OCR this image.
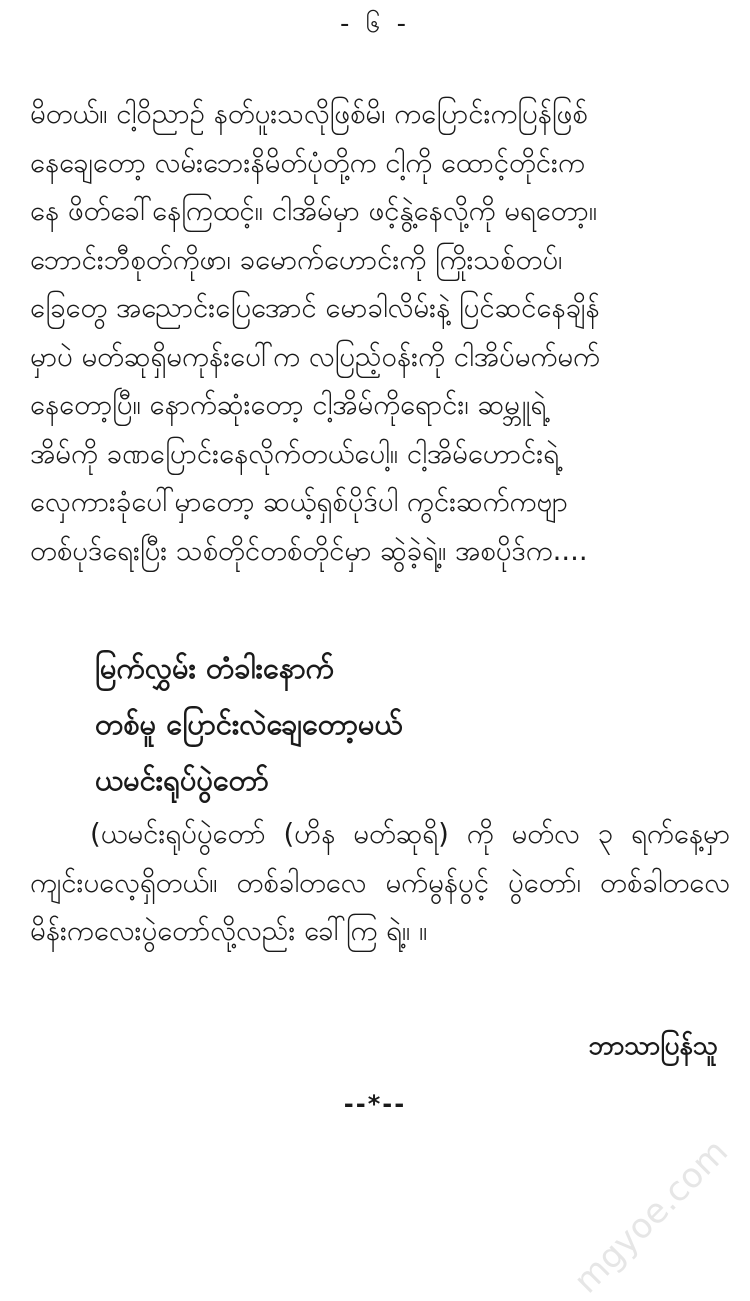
- ၆ -

မိတယ်။ ငါ့ဝိညာဉ် နတ်ပူးသလိုဖြစ်မိ၊ ကပြောင်းကပြန်ဖြစ်

နေချေတော့ လမ်းဘေးနိမိတ်ပုံတို့က ငါ့ကို ထောင့်တိုင်းက

နေ ဖိတ်ခေါ်နေကြထင့်။ ငါအိမ်မှာ ဖင့်နွဲ့နေလို့ကို မရတော့။

ဘောင်းဘီစုတ်ကိုဖာ၊ ခမောက်ဟောင်းကို ကြိုးသစ်တပ်၊

ခြေတွေ အညောင်းပြေအောင် မောခါလိမ်းနဲ့ ပြင်ဆင်နေချိန်

မှာပဲ မတ်ဆုရှိမကုန်းပေါ်က လပြည့်ဝန်းကို ငါအိပ်မက်မက်

နေတော့ပြီ။ နောက်ဆုံးတော့ ငါ့အိမ်ကိုရောင်း၊ ဆမ္ဘူရဲ့

အိမ်ကို ခဏပြောင်းနေလိုက်တယ်ပေါ့။ ငါ့အိမ်ဟောင်းရဲ့

လှေကားခုံပေါ်မှာတော့ ဆယ့်ရှစ်ပိုဒ်ပါ ကွင်းဆက်ကဗျာ

တစ်ပုဒ်ရေးပြီး သစ်တိုင်တစ်တိုင်မှာ ဆွဲခဲ့ရဲ့။ အစပိုဒ်က....

မြက်လွှမ်း တံခါးနောက်
တစ်မူ ပြောင်းလဲချေတော့မယ်
ယမင်းရုပ်ပွဲတော်
(ယမင်းရုပ်ပွဲတော် (ဟိန မတ်ဆုရိ) ကို မတ်လ ၃ ရက်နေ့မှာ ကျင်းပလေ့ရှိတယ်။ တစ်ခါတလေ မက်မွန်ပွင့် ပွဲတော်၊ တစ်ခါတလေ မိန်းကလေးပွဲတော်လို့လည်း ခေါ်ကြ ရဲ့။ ။
ဘာသာပြန်သူ
--*--
mgyoe.com
